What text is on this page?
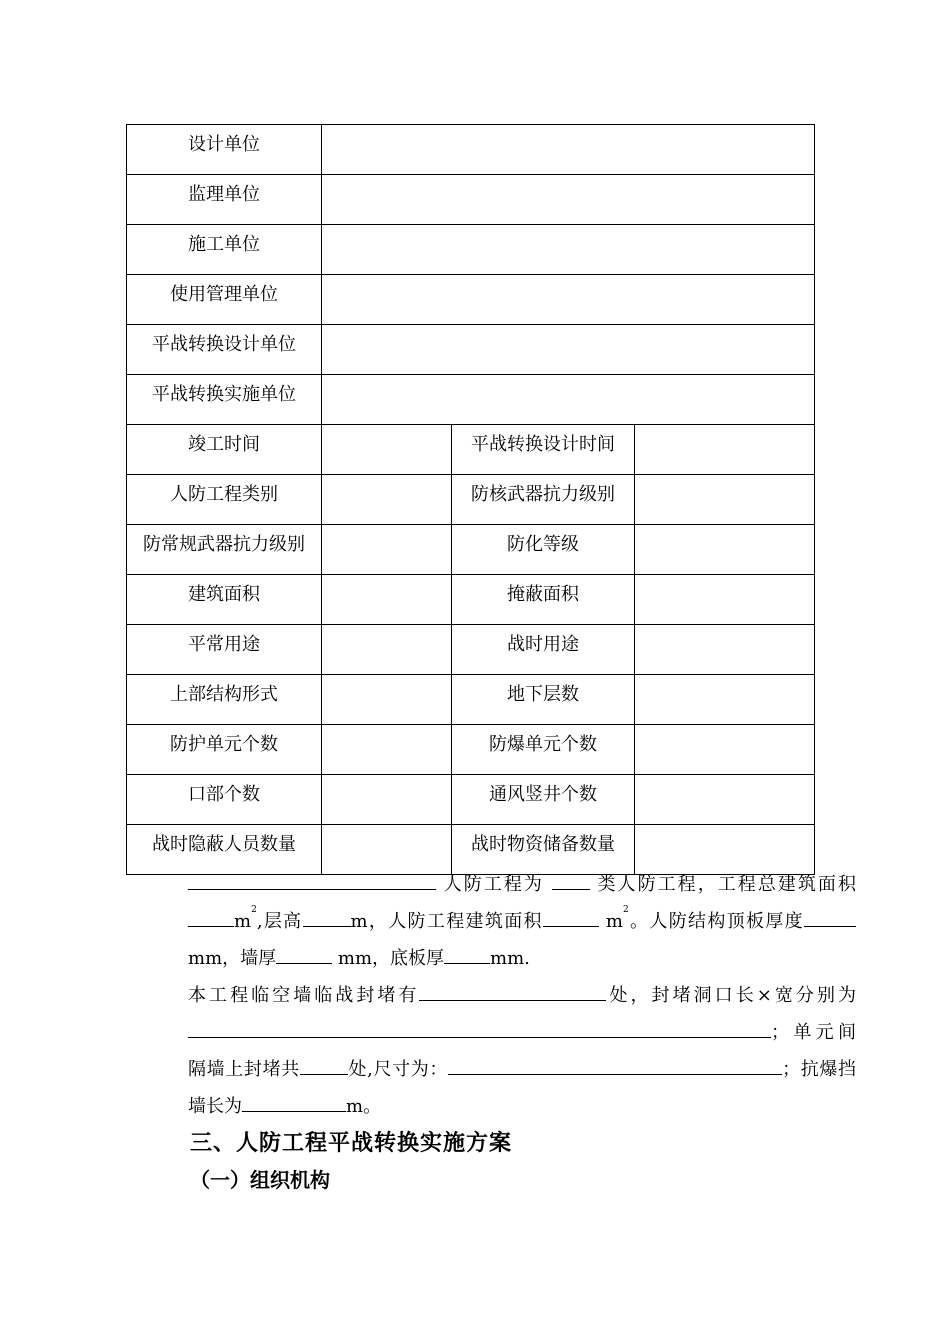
设计单位			

监理单位			

施工单位			

使用管理单位			

平战转换设计单位			

平战转换实施单位			

竣工时间		平战转换设计时间	

人防工程类别		防核武器抗力级别	

防常规武器抗力级别		防化等级	

建筑面积		掩蔽面积	

平常用途		战时用途	

上部结构形式		地下层数	

防护单元个数		防爆单元个数	

口部个数		通风竖井个数	

战时隐蔽人员数量		战时物资储备数量	

人防工程为	类人防工程，工程总建筑面积$m^2$,层高	m，人防工程建筑面积	$m^2$。人防结构顶板厚度mm，墙厚	mm，底板厚	mm.
本工程临空墙临战封堵有	处，封堵洞口长×宽分别为；单元间隔墙上封堵共	处,尺寸为：	；抗爆挡墙长为	m。
三、人防工程平战转换实施方案
（一）组织机构
